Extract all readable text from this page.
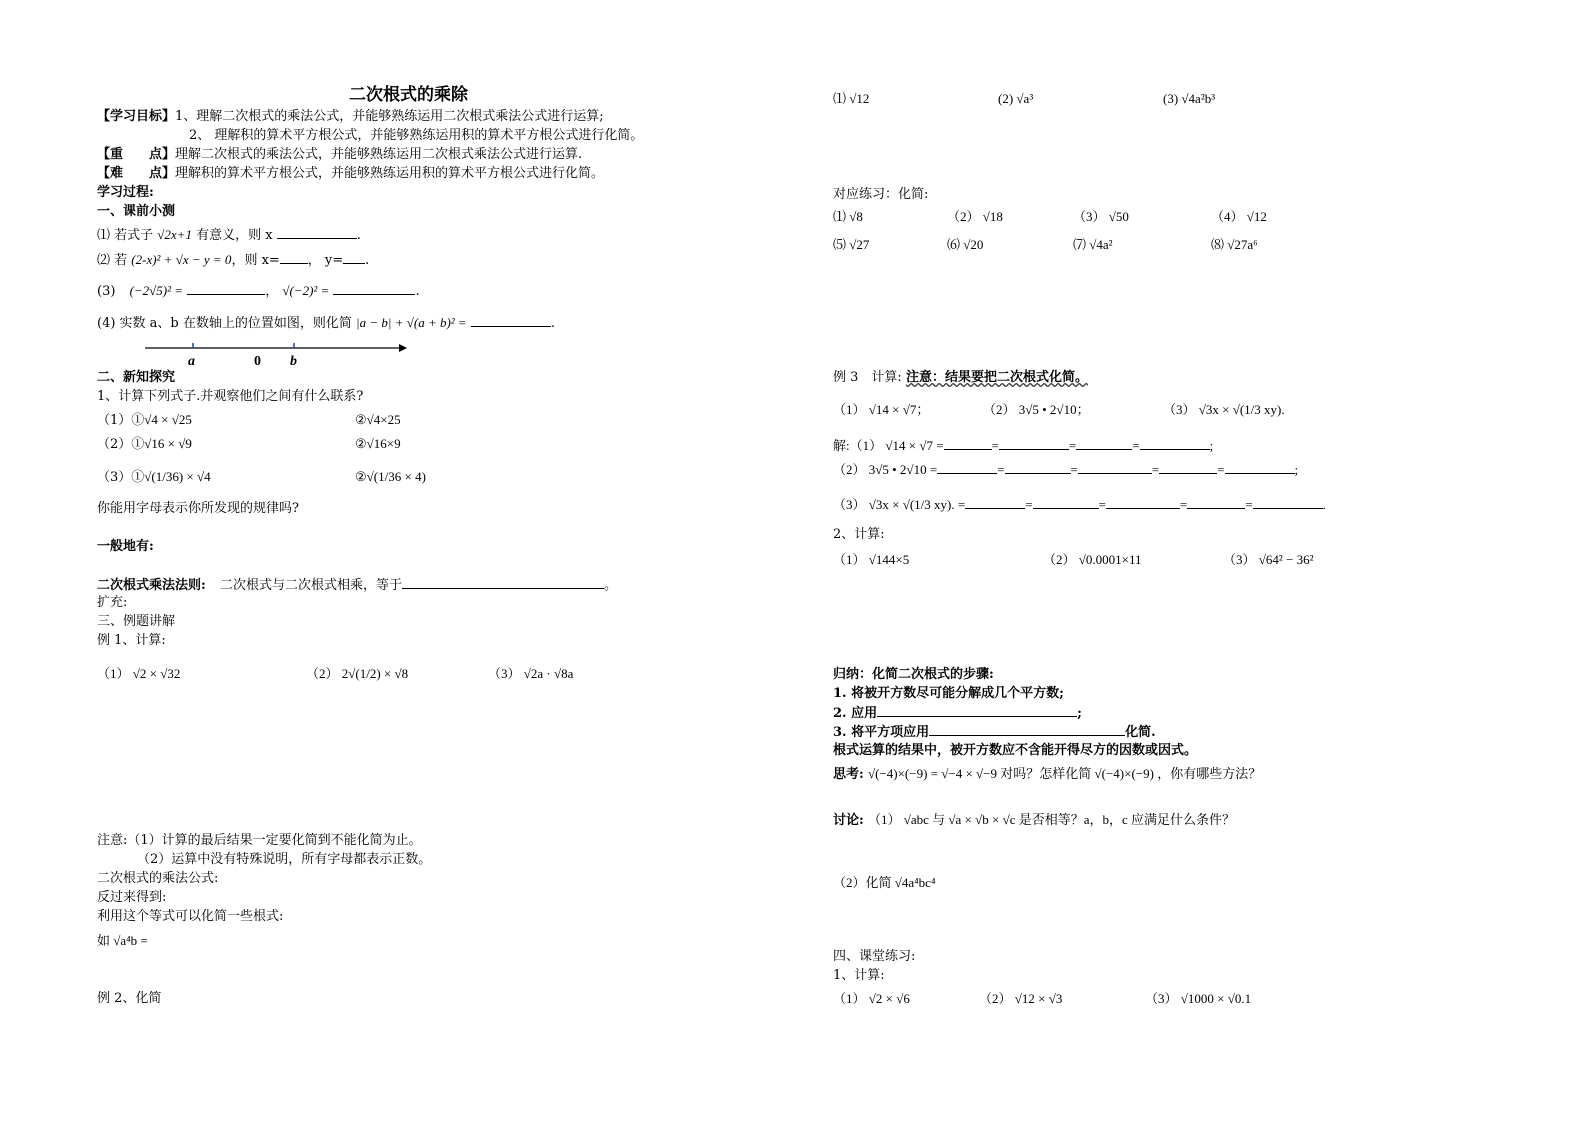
二次根式的乘除
【学习目标】1、理解二次根式的乘法公式，并能够熟练运用二次根式乘法公式进行运算;
2、 理解积的算术平方根公式，并能够熟练运用积的算术平方根公式进行化简。
【重　　点】理解二次根式的乘法公式，并能够熟练运用二次根式乘法公式进行运算.
【难　　点】理解积的算术平方根公式，并能够熟练运用积的算术平方根公式进行化简。
学习过程:
一、课前小测
⑴ 若式子 √2x+1 有意义，则 x	.
⑵ 若 (2-x)² + √x − y = 0，则 x= ， y= .
(3) (−2√5)² =	， √(−2)² =	.
(4) 实数 a、b 在数轴上的位置如图，则化简 |a − b| + √(a + b)² =	.
a	0 b
二、新知探究
1、计算下列式子.并观察他们之间有什么联系?
（1）①√4 × √25	②√4×25
（2）①√16 × √9	②√16×9
（3）①√(1/36) × √4	②√(1/36 × 4)
你能用字母表示你所发现的规律吗?
一般地有:
二次根式乘法法则: 二次根式与二次根式相乘，等于	。
扩充:
三、例题讲解
例 1、计算:
（1） √2 × √32	（2） 2√(1/2) × √8	（3） √2a · √8a
注意:（1）计算的最后结果一定要化简到不能化简为止。
（2）运算中没有特殊说明，所有字母都表示正数。
二次根式的乘法公式:
反过来得到:
利用这个等式可以化简一些根式:
如 √a⁴b =
例 2、化简
⑴ √12	(2) √a³	(3) √4a²b³
对应练习：化简:
⑴ √8	（2） √18	（3） √50	（4） √12
⑸ √27	⑹ √20	⑺ √4a²	⑻ √27a⁶
例 3　计算: 注意：结果要把二次根式化简。
（1） √14 × √7；	（2） 3√5 • 2√10；	（3） √3x × √(1/3 xy).
解:（1） √14 × √7 =	=	=	=	;
（2） 3√5 • 2√10 =	=	=	=	=	;
（3） √3x × √(1/3 xy). =	=	=	=	=	.
2、计算:
（1） √144×5	（2） √0.0001×11	（3） √64² − 36²
归纳：化简二次根式的步骤:
1. 将被开方数尽可能分解成几个平方数;
2. 应用	;
3. 将平方项应用	化简.
根式运算的结果中，被开方数应不含能开得尽方的因数或因式。
思考: √(−4)×(−9) = √−4 × √−9 对吗？怎样化简 √(−4)×(−9) ，你有哪些方法？
讨论: （1） √abc 与 √a × √b × √c 是否相等？a，b，c 应满足什么条件？
（2）化简 √4a⁴bc⁴
四、课堂练习:
1、计算:
（1） √2 × √6	（2） √12 × √3	（3） √1000 × √0.1
